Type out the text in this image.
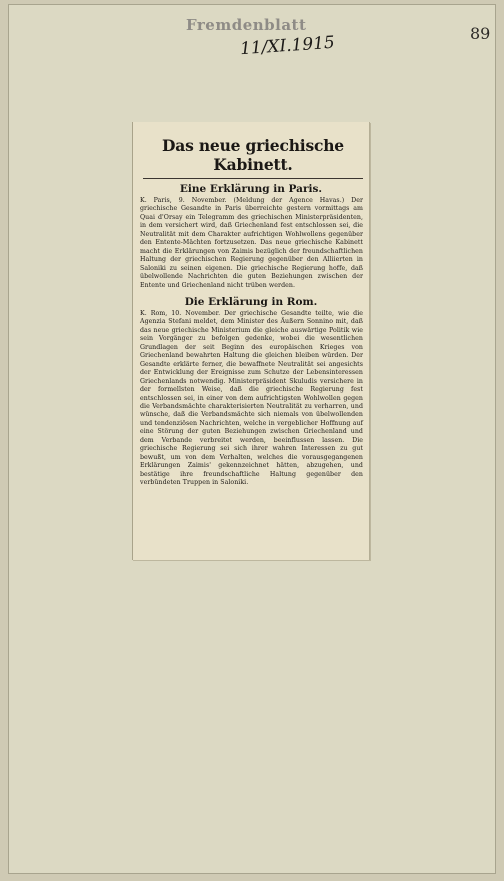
Fremdenblatt
11/XI.1915	89
Das neue griechische Kabinett.
Eine Erklärung in Paris.
K. Paris, 9. November. (Meldung der Agence Havas.) Der griechische Gesandte in Paris überreichte gestern vormittags am Quai d'Orsay ein Telegramm des griechischen Ministerpräsidenten, in dem versichert wird, daß Griechenland fest entschlossen sei, die Neutralität mit dem Charakter aufrichtigen Wohlwollens gegenüber den Entente-Mächten fortzusetzen. Das neue griechische Kabinett macht die Erklärungen von Zaimis bezüglich der freundschaftlichen Haltung der griechischen Regierung gegenüber den Alliierten in Saloniki zu seinen eigenen. Die griechische Regierung hoffe, daß übelwollende Nachrichten die guten Beziehungen zwischen der Entente und Griechenland nicht trüben werden.
Die Erklärung in Rom.
K. Rom, 10. November. Der griechische Gesandte teilte, wie die Agenzia Stefani meldet, dem Minister des Äußern Sonnino mit, daß das neue griechische Ministerium die gleiche auswärtige Politik wie sein Vorgänger zu befolgen gedenke, wobei die wesentlichen Grundlagen der seit Beginn des europäischen Krieges von Griechenland bewahrten Haltung die gleichen bleiben würden. Der Gesandte erklärte ferner, die bewaffnete Neutralität sei angesichts der Entwicklung der Ereignisse zum Schutze der Lebensinteressen Griechenlands notwendig. Ministerpräsident Skuludis versichere in der formellsten Weise, daß die griechische Regierung fest entschlossen sei, in einer von dem aufrichtigsten Wohlwollen gegen die Verbandsmächte charakterisierten Neutralität zu verharren, und wünsche, daß die Verbandsmächte sich niemals von übelwollenden und tendenziösen Nachrichten, welche in vergeblicher Hoffnung auf eine Störung der guten Beziehungen zwischen Griechenland und dem Verbande verbreitet werden, beeinflussen lassen. Die griechische Regierung sei sich ihrer wahren Interessen zu gut bewußt, um von dem Verhalten, welches die vorausgegangenen Erklärungen Zaimis' gekennzeichnet hätten, abzugehen, und bestätige ihre freundschaftliche Haltung gegenüber den verbündeten Truppen in Saloniki.
